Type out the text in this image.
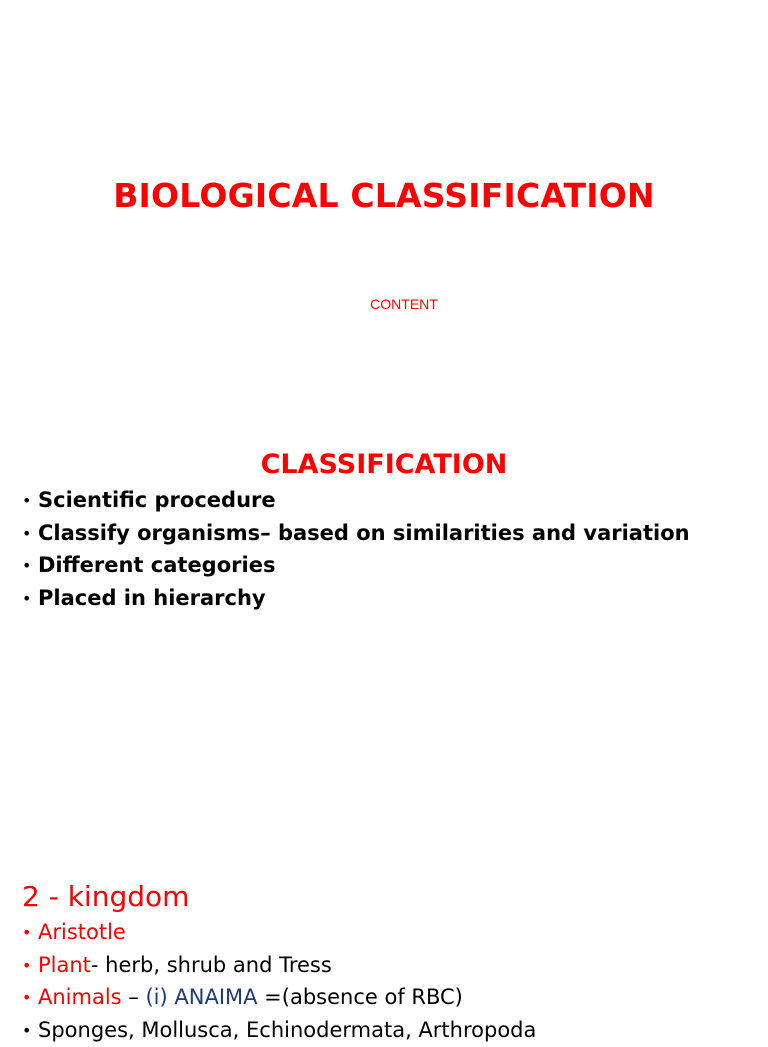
BIOLOGICAL CLASSIFICATION
CONTENT
CLASSIFICATION
• Scientific procedure
• Classify organisms– based on similarities and variation
• Different categories
• Placed in hierarchy
2 - kingdom
• Aristotle
• Plant- herb, shrub and Tress
• Animals – (i) ANAIMA =(absence of RBC)
• Sponges, Mollusca, Echinodermata, Arthropoda
